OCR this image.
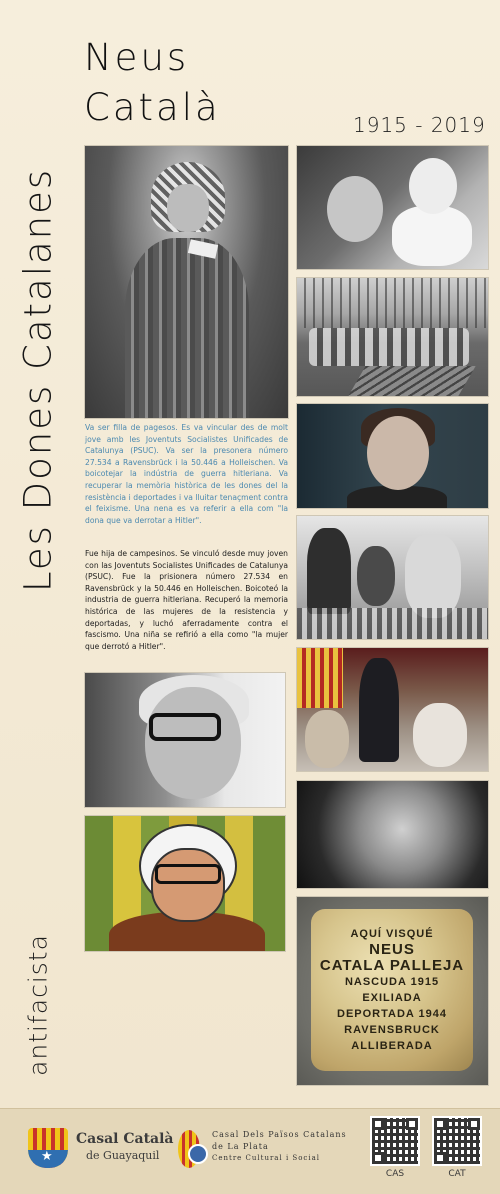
Les Dones Catalanes
Neus
Català	1915 - 2019

Va ser filla de pagesos. Es va vincular des de molt jove amb les Joventuts Socialistes Unificades de Catalunya (PSUC). Va ser la presonera número 27.534 a Ravensbrück i la 50.446 a Holleischen. Va boicotejar la indústria de guerra hitleriana. Va recuperar la memòria històrica de les dones del la resistència i deportades i va lluitar tenaçment contra el feixisme. Una nena es va referir a ella com "la dona que va derrotar a Hitler".

Fue hija de campesinos. Se vinculó desde muy joven con las Joventuts Socialistes Unificades de Catalunya (PSUC). Fue la prisionera número 27.534 en Ravensbrück y la 50.446 en Holleischen. Boicoteó la industria de guerra hitleriana. Recuperó la memoria histórica de las mujeres de la resistencia y deportadas, y luchó aferradamente contra el fascismo. Una niña se refirió a ella como "la mujer que derrotó a Hitler".

AQUÍ VISQUÉ
NEUS
CATALA PALLEJA
NASCUDA 1915
EXILIADA
DEPORTADA 1944
RAVENSBRUCK
ALLIBERADA
antifacista
★
Casal Català
de Guayaquil
Casal Dels Països Catalans
de La Plata
Centre Cultural i Social
CAS	CAT
